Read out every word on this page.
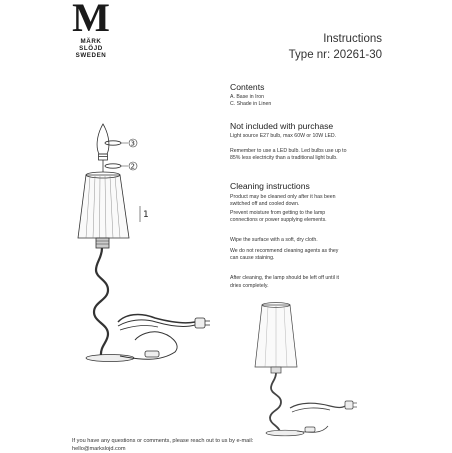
M
MÄRK
SLÖJD
SWEDEN
Instructions
Type nr: 20261-30
Contents
A. Base in Iron
C. Shade in Linen
Not included with purchase
Light source E27 bulb, max 60W or 10W LED.
Remember to use a LED bulb. Led bulbs use up to
85% less electricity than a traditional light bulb.
Cleaning instructions
Product may be cleaned only after it has been
switched off and cooled down.
Prevent moisture from getting to the lamp
connections or power supplying elements.
Wipe the surface with a soft, dry cloth.
We do not recommend cleaning agents as they
can cause staining.
After cleaning, the lamp should be left off until it
dries completely.
3
2
1
If you have any questions or comments, please reach out to us by e-mail:
hello@markslojd.com
